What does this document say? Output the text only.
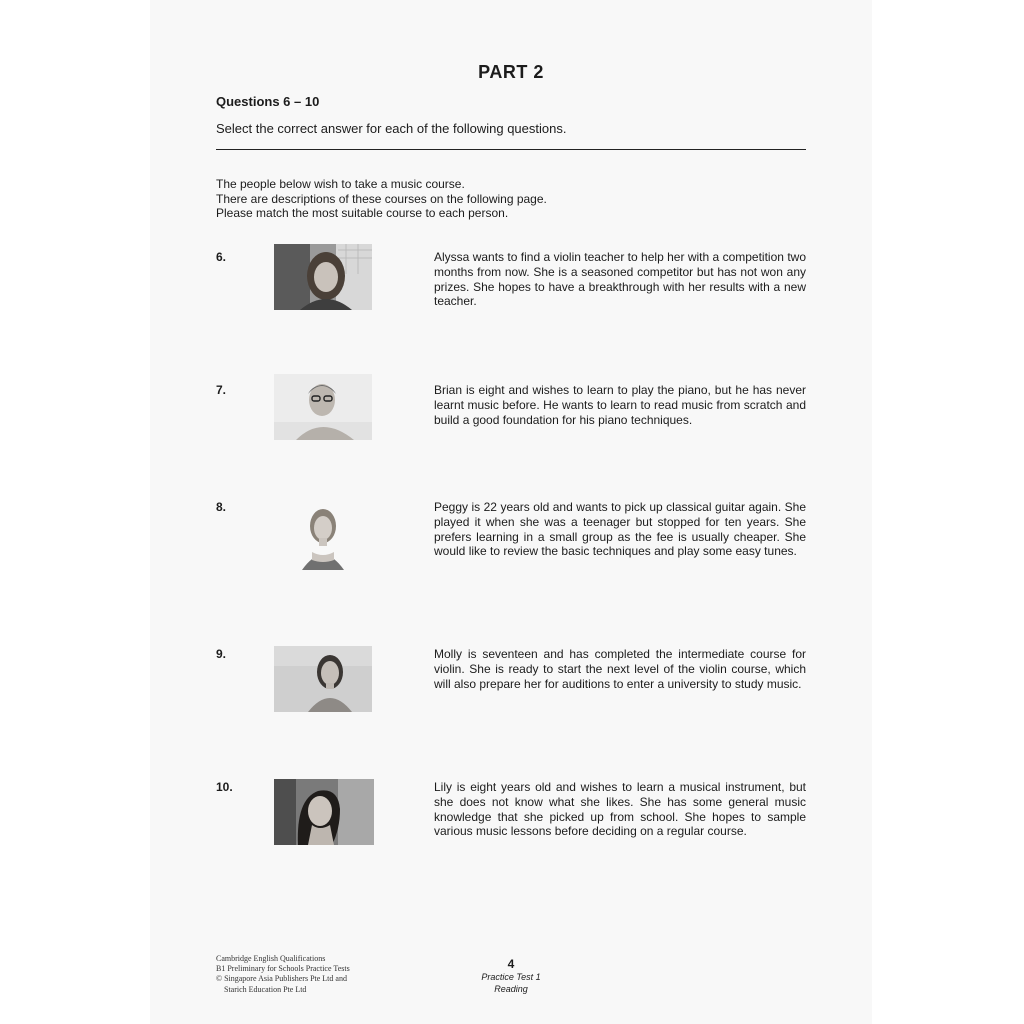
PART 2
Questions 6 – 10
Select the correct answer for each of the following questions.
The people below wish to take a music course.
There are descriptions of these courses on the following page.
Please match the most suitable course to each person.
6.	Alyssa wants to find a violin teacher to help her with a competition two months from now. She is a seasoned competitor but has not won any prizes. She hopes to have a breakthrough with her results with a new teacher.
7.	Brian is eight and wishes to learn to play the piano, but he has never learnt music before. He wants to learn to read music from scratch and build a good foundation for his piano techniques.
8.	Peggy is 22 years old and wants to pick up classical guitar again. She played it when she was a teenager but stopped for ten years. She prefers learning in a small group as the fee is usually cheaper. She would like to review the basic techniques and play some easy tunes.
9.	Molly is seventeen and has completed the intermediate course for violin. She is ready to start the next level of the violin course, which will also prepare her for auditions to enter a university to study music.
10.	Lily is eight years old and wishes to learn a musical instrument, but she does not know what she likes. She has some general music knowledge that she picked up from school. She hopes to sample various music lessons before deciding on a regular course.
Cambridge English Qualifications
B1 Preliminary for Schools Practice Tests
© Singapore Asia Publishers Pte Ltd and
Starich Education Pte Ltd
4
Practice Test 1
Reading
